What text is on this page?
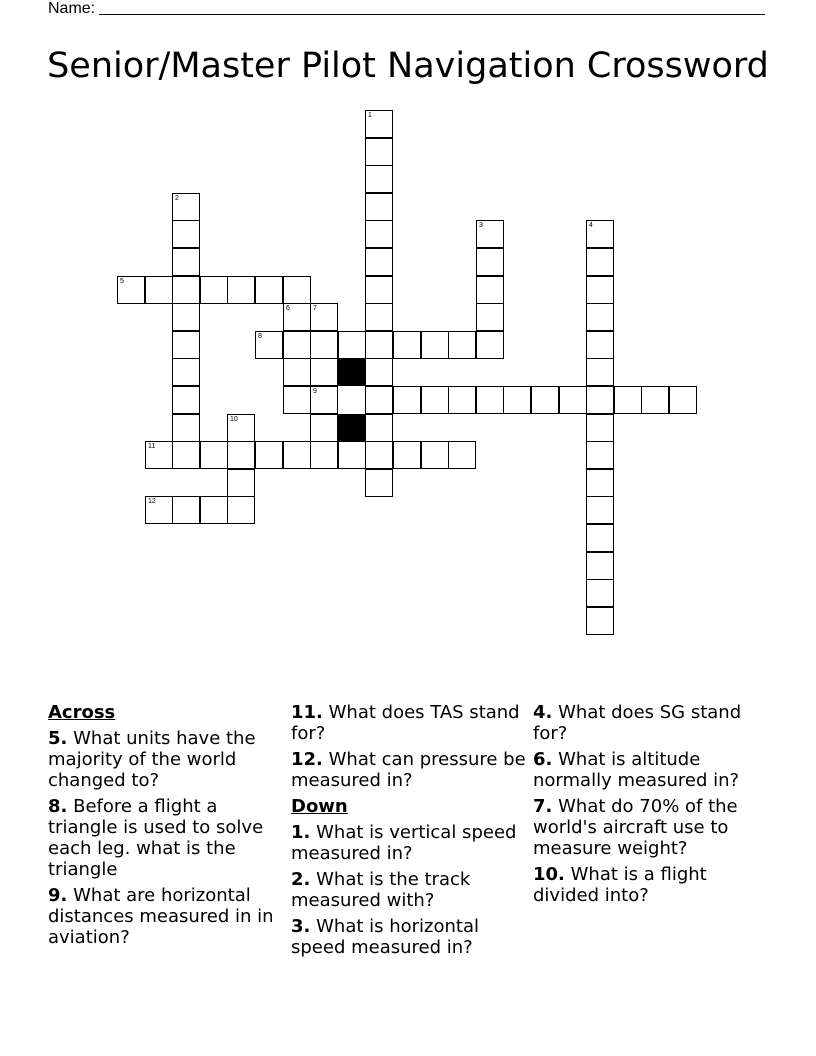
Name:
Senior/Master Pilot Navigation Crossword
1
2
3	4
5
6	7
9
8
10
11
12
Across
5. What units have the majority of the world changed to?
8. Before a flight a triangle is used to solve each leg. what is the triangle
9. What are horizontal distances measured in in aviation?
11. What does TAS stand for?
12. What can pressure be measured in?
Down
1. What is vertical speed measured in?
2. What is the track measured with?
3. What is horizontal speed measured in?
4. What does SG stand for?
6. What is altitude normally measured in?
7. What do 70% of the world's aircraft use to measure weight?
10. What is a flight divided into?
